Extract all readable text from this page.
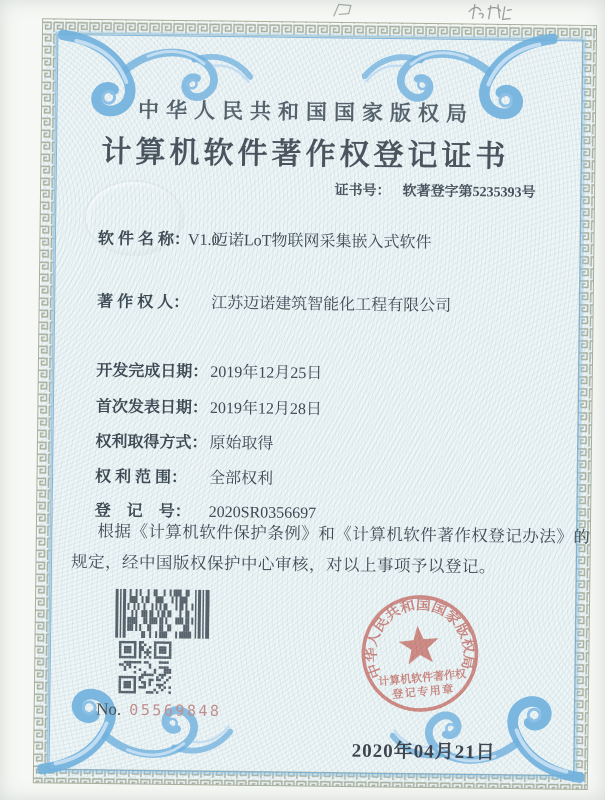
中华人民共和国国家版权局
计算机软件著作权登记证书
证书号： 软著登字第5235393号

软 件 名 称： 迈诺LoT物联网采集嵌入式软件

V1.0

著 作 权 人： 江苏迈诺建筑智能化工程有限公司

开发完成日期： 2019年12月25日

首次发表日期： 2019年12月28日

权利取得方式： 原始取得

权 利 范 围： 全部权利

登　记　号： 2020SR0356697

根据《计算机软件保护条例》和《计算机软件著作权登记办法》的
规定，经中国版权保护中心审核，对以上事项予以登记。
No. 05569848
中华人民共和国国家版权局
计算机软件著作权
登记专用章
2020年04月21日
